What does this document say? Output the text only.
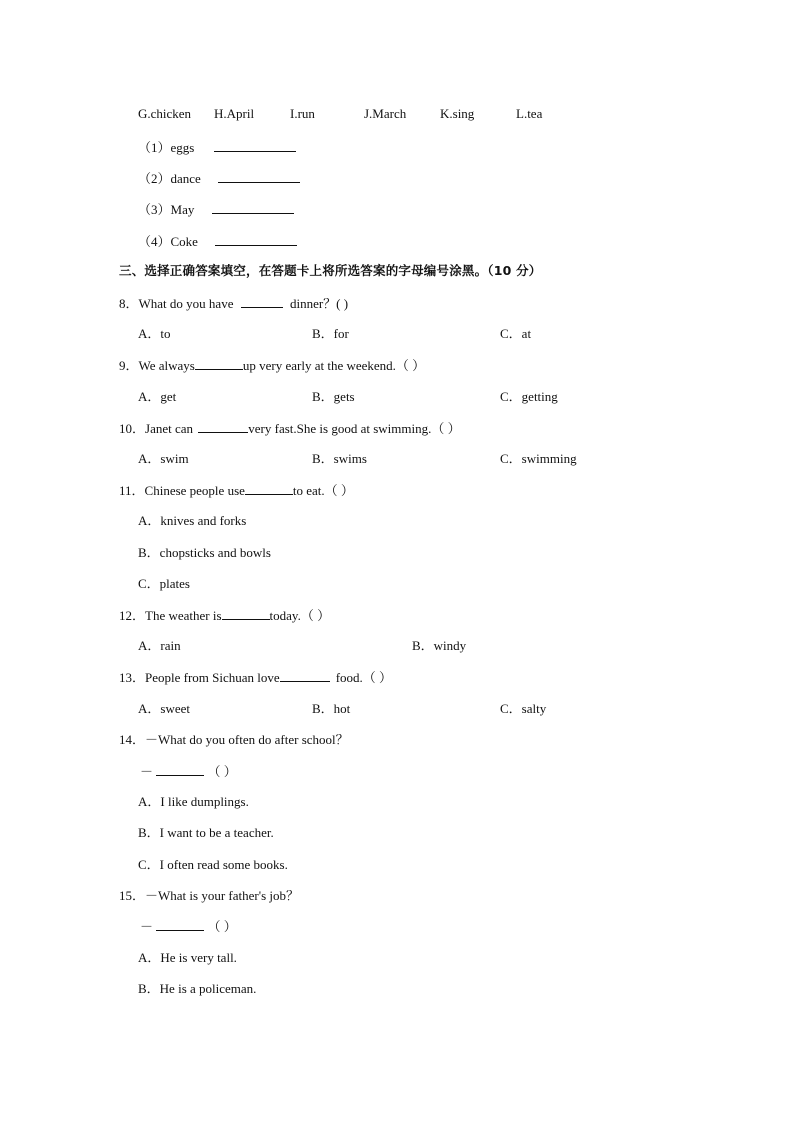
G.chicken H.April	I.run	J.March	K.sing	L.tea
（1）eggs
（2）dance
（3）May
（4）Coke
三、选择正确答案填空，在答题卡上将所选答案的字母编号涂黑。（10 分）
8．What do you have	dinner？( )
A．to	B．for	C．at
9．We always	up very early at the weekend.（ ）
A．get	B．gets	C．getting
10．Janet can	very fast.She is good at swimming.（ ）
A．swim	B．swims	C．swimming
11．Chinese people use	to eat.（ ）
A．knives and forks
B．chopsticks and bowls
C．plates
12．The weather is	today.（ ）
A．rain	B．windy
13．People from Sichuan love	food.（ ）
A．sweet	B．hot	C．salty
14．－What do you often do after school？
－	（ ）
A．I like dumplings.
B．I want to be a teacher.
C．I often read some books.
15．－What is your father's job？
－	（ ）
A．He is very tall.
B．He is a policeman.
